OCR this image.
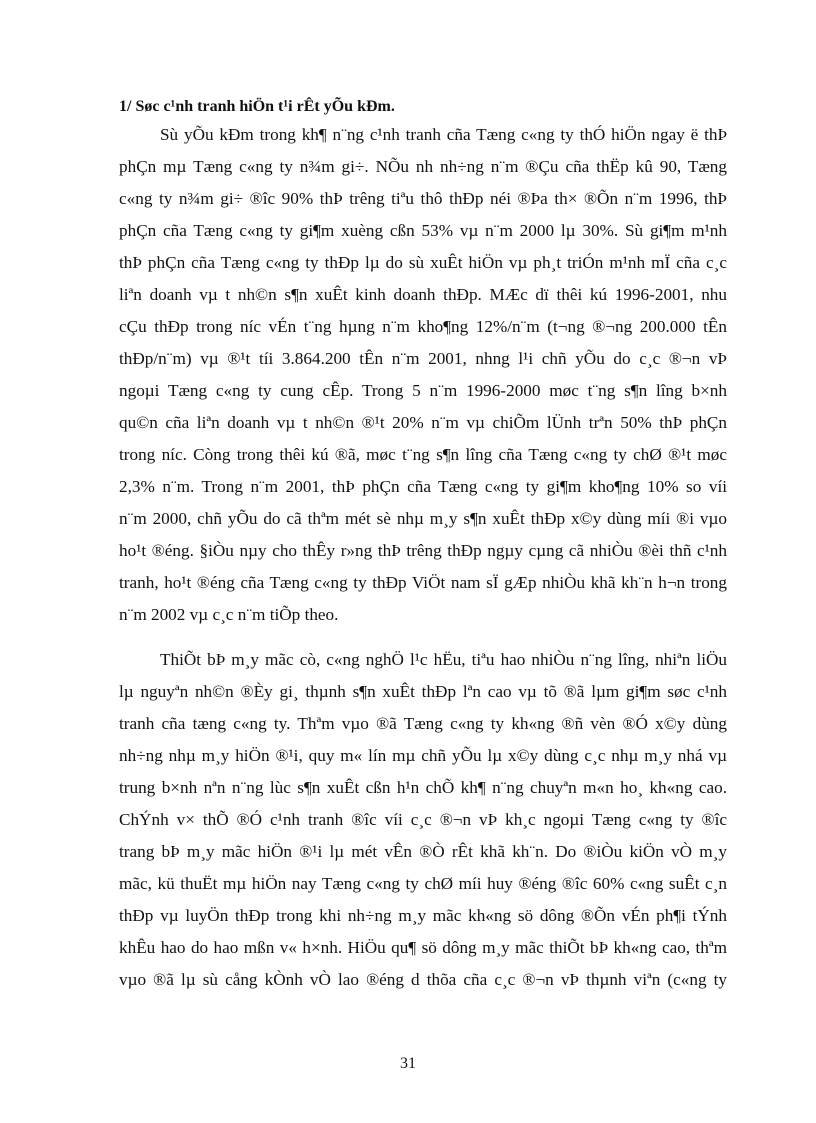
1/ Søc c¹nh tranh hiÖn t¹i rÊt yÕu kÐm.
Sù yÕu kÐm trong kh¶ n¨ng c¹nh tranh cña Tæng c«ng ty thÓ hiÖn ngay ë thÞ
phÇn mµ Tæng c«ng ty n¾m gi÷. NÕu nh nh÷ng n¨m ®Çu cña thËp kû 90, Tæng
c«ng ty n¾m gi÷ ®îc 90% thÞ trêng tiªu thô thÐp néi ®Þa th× ®Õn n¨m 1996, thÞ
phÇn cña Tæng c«ng ty gi¶m xuèng cßn 53% vµ n¨m 2000 lµ 30%. Sù gi¶m m¹nh
thÞ phÇn cña Tæng c«ng ty thÐp lµ do sù xuÊt hiÖn vµ ph¸t triÓn m¹nh mÏ cña c¸c
liªn doanh vµ t nh©n s¶n xuÊt kinh doanh thÐp. MÆc dï thêi kú 1996-2001, nhu
cÇu thÐp trong níc vÉn t¨ng hµng n¨m kho¶ng 12%/n¨m (t¬ng ®¬ng 200.000 tÊn
thÐp/n¨m) vµ ®¹t tíi 3.864.200 tÊn n¨m 2001, nhng l¹i chñ yÕu do c¸c ®¬n vÞ
ngoµi Tæng c«ng ty cung cÊp. Trong 5 n¨m 1996-2000 møc t¨ng s¶n lîng b×nh
qu©n cña liªn doanh vµ t nh©n ®¹t 20% n¨m vµ chiÕm lÜnh trªn 50% thÞ phÇn
trong níc. Còng trong thêi kú ®ã, møc t¨ng s¶n lîng cña Tæng c«ng ty chØ ®¹t møc
2,3% n¨m. Trong n¨m 2001, thÞ phÇn cña Tæng c«ng ty gi¶m kho¶ng 10% so víi
n¨m 2000, chñ yÕu do cã thªm mét sè nhµ m¸y s¶n xuÊt thÐp x©y dùng míi ®i vµo
ho¹t ®éng. §iÒu nµy cho thÊy r»ng thÞ trêng thÐp ngµy cµng cã nhiÒu ®èi thñ c¹nh
tranh, ho¹t ®éng cña Tæng c«ng ty thÐp ViÖt nam sÏ gÆp nhiÒu khã kh¨n h¬n trong
n¨m 2002 vµ c¸c n¨m tiÕp theo.
ThiÕt bÞ m¸y mãc cò, c«ng nghÖ l¹c hËu, tiªu hao nhiÒu n¨ng lîng, nhiªn liÖu
lµ nguyªn nh©n ®Èy gi¸ thµnh s¶n xuÊt thÐp lªn cao vµ tõ ®ã lµm gi¶m søc c¹nh
tranh cña tæng c«ng ty. Thªm vµo ®ã Tæng c«ng ty kh«ng ®ñ vèn ®Ó x©y dùng
nh÷ng nhµ m¸y hiÖn ®¹i, quy m« lín mµ chñ yÕu lµ x©y dùng c¸c nhµ m¸y nhá vµ
trung b×nh nªn n¨ng lùc s¶n xuÊt cßn h¹n chÕ kh¶ n¨ng chuyªn m«n ho¸ kh«ng cao.
ChÝnh v× thÕ ®Ó c¹nh tranh ®îc víi c¸c ®¬n vÞ kh¸c ngoµi Tæng c«ng ty ®îc
trang bÞ m¸y mãc hiÖn ®¹i lµ mét vÊn ®Ò rÊt khã kh¨n. Do ®iÒu kiÖn vÒ m¸y
mãc, kü thuËt mµ hiÖn nay Tæng c«ng ty chØ míi huy ®éng ®îc 60% c«ng suÊt c¸n
thÐp vµ luyÖn thÐp trong khi nh÷ng m¸y mãc kh«ng sö dông ®Õn vÉn ph¶i tÝnh
khÊu hao do hao mßn v« h×nh. HiÖu qu¶ sö dông m¸y mãc thiÕt bÞ kh«ng cao, thªm
vµo ®ã lµ sù cång kÒnh vÒ lao ®éng d thõa cña c¸c ®¬n vÞ thµnh viªn (c«ng ty
31
